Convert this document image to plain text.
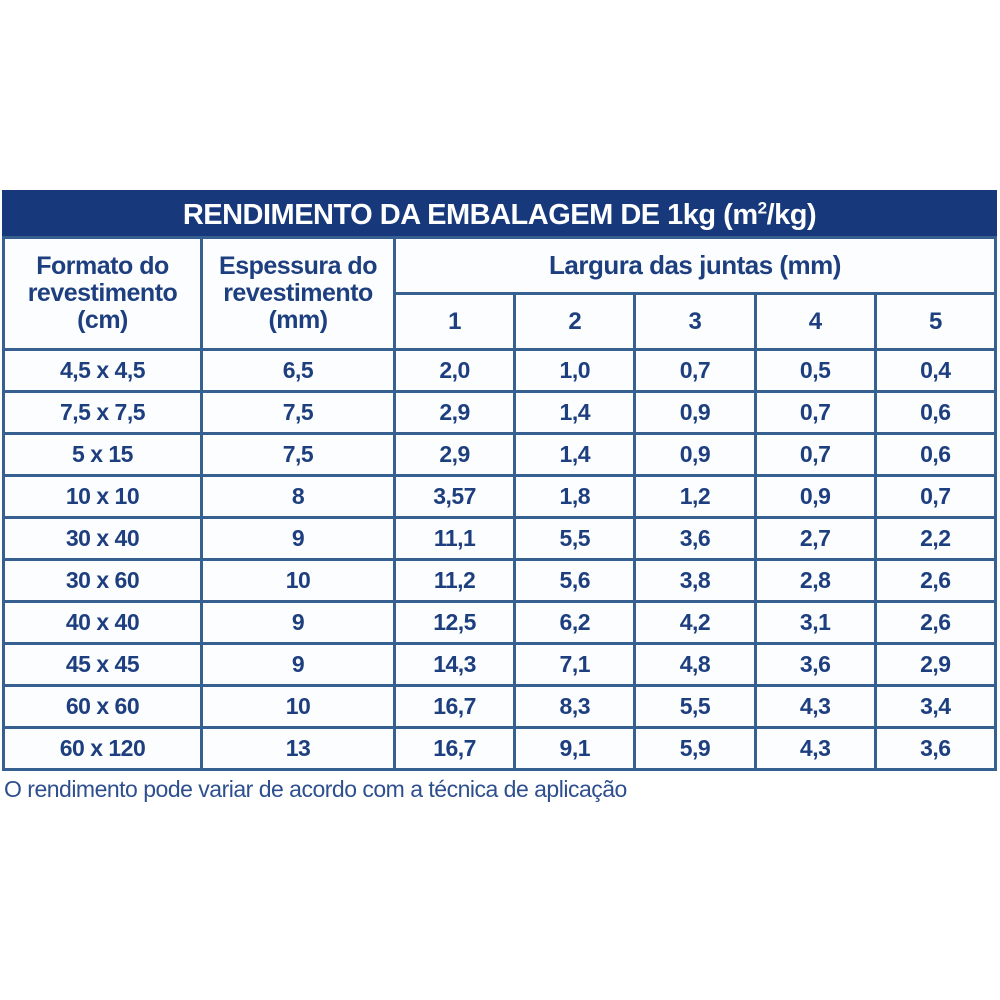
RENDIMENTO DA EMBALAGEM DE 1kg $(m^2/kg)$
Formato do revestimento (cm)	Espessura do revestimento (mm)	Largura das juntas (mm)				
		1	2	3	4	5
4,5 x 4,5	6,5	2,0	1,0	0,7	0,5	0,4
7,5 x 7,5	7,5	2,9	1,4	0,9	0,7	0,6
5 x 15	7,5	2,9	1,4	0,9	0,7	0,6
10 x 10	8	3,57	1,8	1,2	0,9	0,7
30 x 40	9	11,1	5,5	3,6	2,7	2,2
30 x 60	10	11,2	5,6	3,8	2,8	2,6
40 x 40	9	12,5	6,2	4,2	3,1	2,6
45 x 45	9	14,3	7,1	4,8	3,6	2,9
60 x 60	10	16,7	8,3	5,5	4,3	3,4
60 x 120	13	16,7	9,1	5,9	4,3	3,6
O rendimento pode variar de acordo com a técnica de aplicação
